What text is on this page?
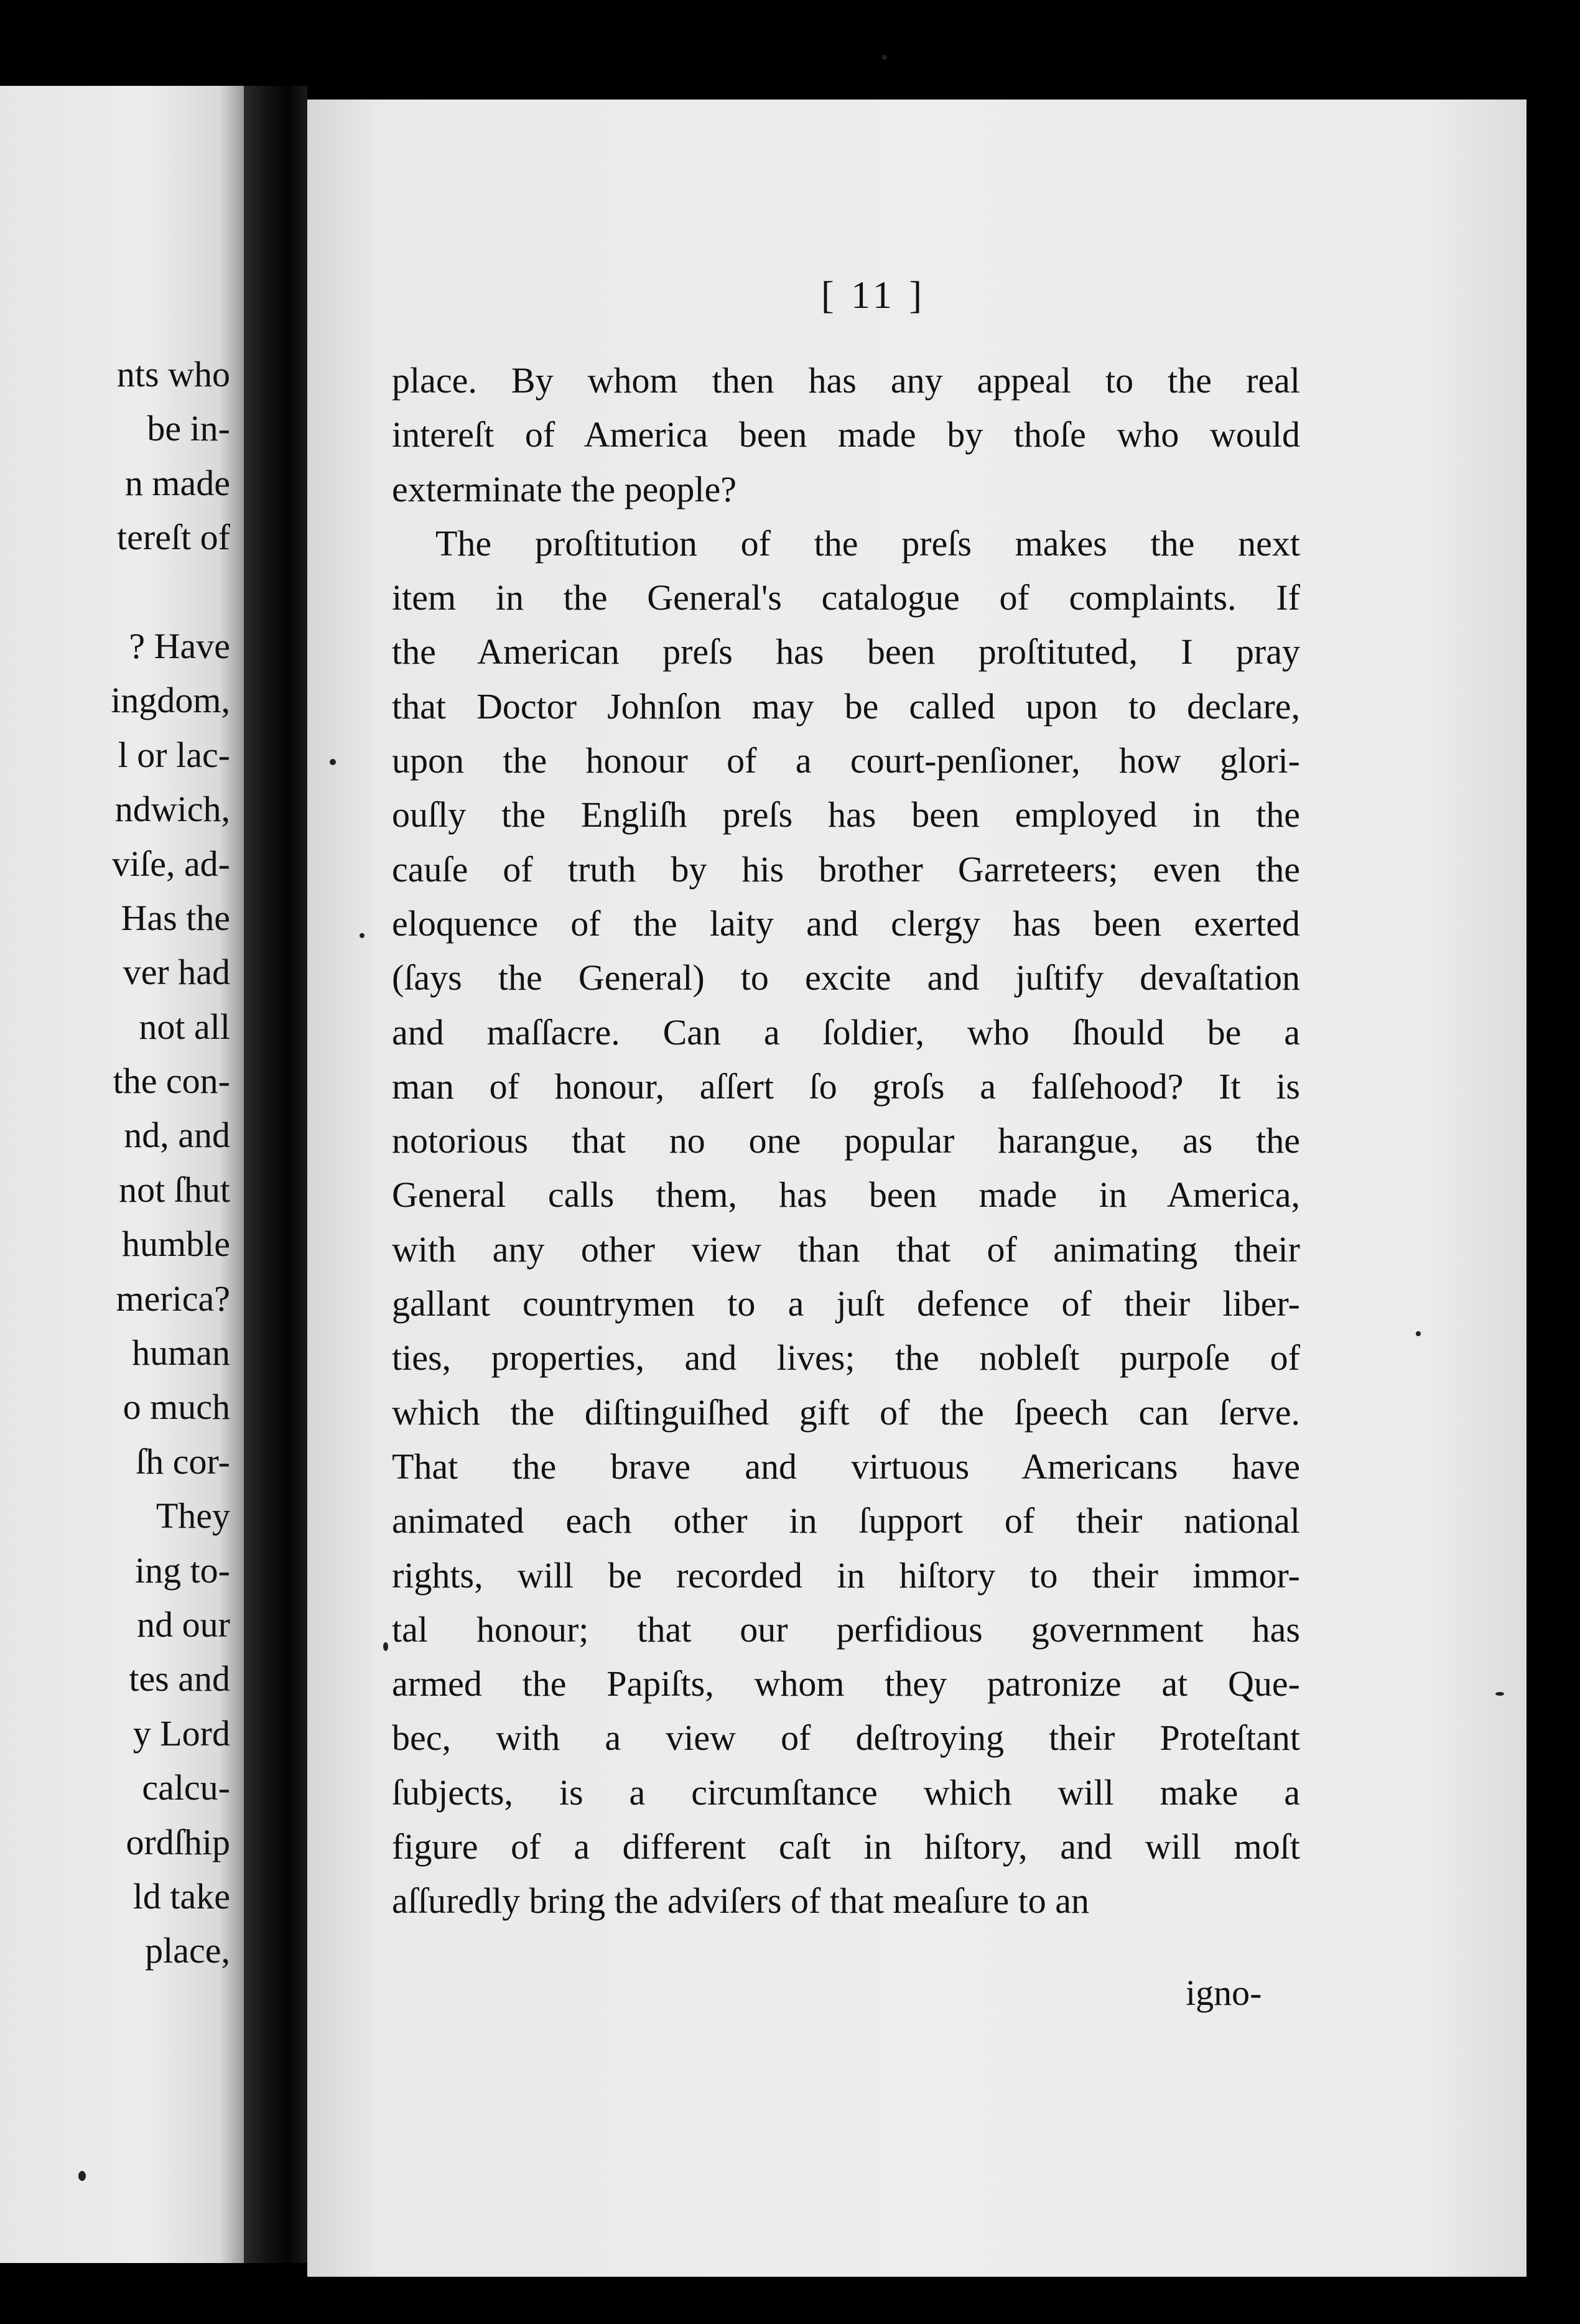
nts who
be in-
n made
tereſt of
? Have
ingdom,
l or lac-
ndwich,
viſe, ad-
Has the
ver had
not all
the con-
nd, and
not ſhut
humble
merica?
human
o much
ſh cor-
They
ing to-
nd our
tes and
y Lord
calcu-
ordſhip
ld take
place,
[ 11 ]
place. By whom then has any appeal to the real
intereſt of America been made by thoſe who would
exterminate the people?
The proſtitution of the preſs makes the next
item in the General's catalogue of complaints. If
the American preſs has been proſtituted, I pray
that Doctor Johnſon may be called upon to declare,
upon the honour of a court-penſioner, how glori-
ouſly the Engliſh preſs has been employed in the
cauſe of truth by his brother Garreteers; even the
eloquence of the laity and clergy has been exerted
(ſays the General) to excite and juſtify devaſtation
and maſſacre. Can a ſoldier, who ſhould be a
man of honour, aſſert ſo groſs a falſehood? It is
notorious that no one popular harangue, as the
General calls them, has been made in America,
with any other view than that of animating their
gallant countrymen to a juſt defence of their liber-
ties, properties, and lives; the nobleſt purpoſe of
which the diſtinguiſhed gift of the ſpeech can ſerve.
That the brave and virtuous Americans have
animated each other in ſupport of their national
rights, will be recorded in hiſtory to their immor-
tal honour; that our perfidious government has
armed the Papiſts, whom they patronize at Que-
bec, with a view of deſtroying their Proteſtant
ſubjects, is a circumſtance which will make a
figure of a different caſt in hiſtory, and will moſt
aſſuredly bring the adviſers of that meaſure to an
igno-
